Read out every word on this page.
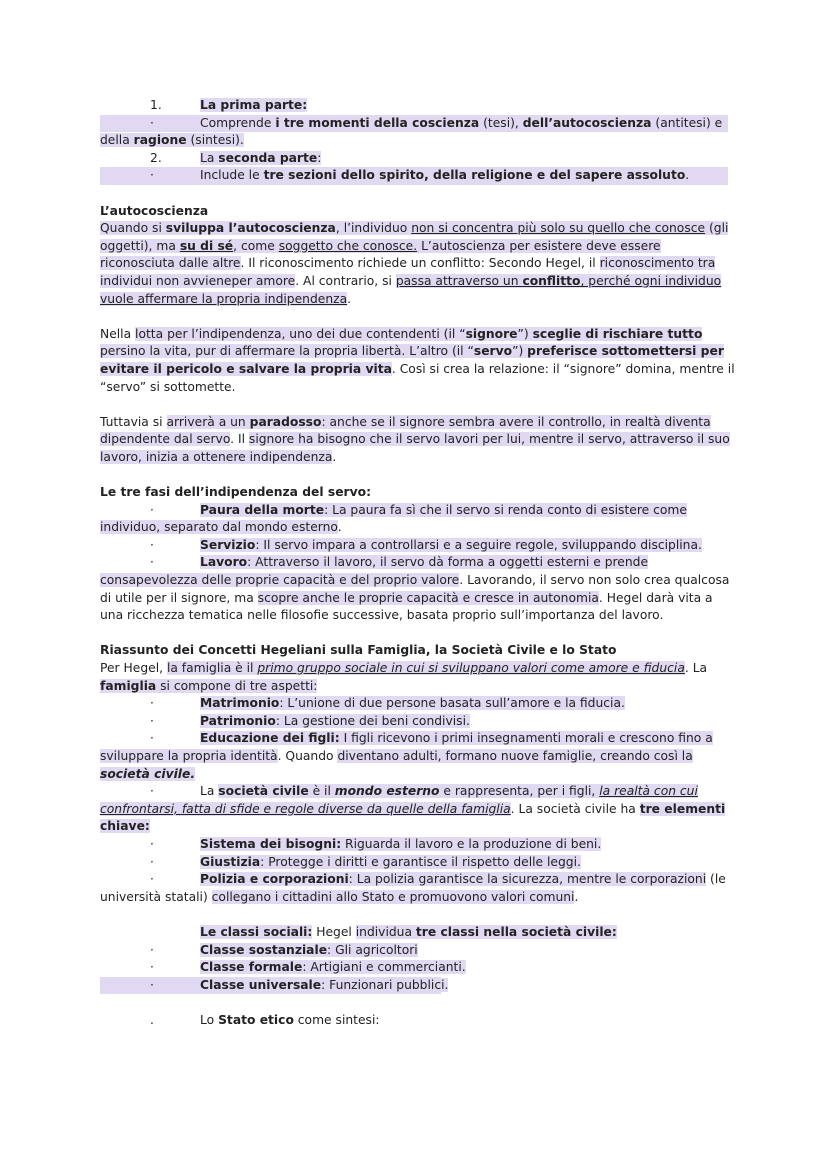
1.	La prima parte:
·	Comprende i tre momenti della coscienza (tesi), dell’autocoscienza (antitesi) e
della ragione (sintesi).
2.	La seconda parte:
·	Include le tre sezioni dello spirito, della religione e del sapere assoluto.
L’autocoscienza
Quando si sviluppa l’autocoscienza, l’individuo non si concentra più solo su quello che conosce (gli
oggetti), ma su di sé, come soggetto che conosce. L’autoscienza per esistere deve essere
riconosciuta dalle altre. Il riconoscimento richiede un conflitto: Secondo Hegel, il riconoscimento tra
individui non avvieneper amore. Al contrario, si passa attraverso un conflitto, perché ogni individuo
vuole affermare la propria indipendenza.
Nella lotta per l’indipendenza, uno dei due contendenti (il “signore”) sceglie di rischiare tutto
persino la vita, pur di affermare la propria libertà. L’altro (il “servo”) preferisce sottomettersi per
evitare il pericolo e salvare la propria vita. Così si crea la relazione: il “signore” domina, mentre il
“servo” si sottomette.
Tuttavia si arriverà a un paradosso: anche se il signore sembra avere il controllo, in realtà diventa
dipendente dal servo. Il signore ha bisogno che il servo lavori per lui, mentre il servo, attraverso il suo
lavoro, inizia a ottenere indipendenza.
Le tre fasi dell’indipendenza del servo:
·	Paura della morte: La paura fa sì che il servo si renda conto di esistere come
individuo, separato dal mondo esterno.
·	Servizio: Il servo impara a controllarsi e a seguire regole, sviluppando disciplina.
·	Lavoro: Attraverso il lavoro, il servo dà forma a oggetti esterni e prende
consapevolezza delle proprie capacità e del proprio valore. Lavorando, il servo non solo crea qualcosa
di utile per il signore, ma scopre anche le proprie capacità e cresce in autonomia. Hegel darà vita a
una ricchezza tematica nelle filosofie successive, basata proprio sull’importanza del lavoro.
Riassunto dei Concetti Hegeliani sulla Famiglia, la Società Civile e lo Stato
Per Hegel, la famiglia è il primo gruppo sociale in cui si sviluppano valori come amore e fiducia. La
famiglia si compone di tre aspetti:
·	Matrimonio: L’unione di due persone basata sull’amore e la fiducia.
·	Patrimonio: La gestione dei beni condivisi.
·	Educazione dei figli: I figli ricevono i primi insegnamenti morali e crescono fino a
sviluppare la propria identità. Quando diventano adulti, formano nuove famiglie, creando così la
società civile.
·	La società civile è il mondo esterno e rappresenta, per i figli, la realtà con cui
confrontarsi, fatta di sfide e regole diverse da quelle della famiglia. La società civile ha tre elementi
chiave:
·	Sistema dei bisogni: Riguarda il lavoro e la produzione di beni.
·	Giustizia: Protegge i diritti e garantisce il rispetto delle leggi.
·	Polizia e corporazioni: La polizia garantisce la sicurezza, mentre le corporazioni (le
università statali) collegano i cittadini allo Stato e promuovono valori comuni.
Le classi sociali: Hegel individua tre classi nella società civile:
·	Classe sostanziale: Gli agricoltori
·	Classe formale: Artigiani e commercianti.
·	Classe universale: Funzionari pubblici.
.	Lo Stato etico come sintesi:
